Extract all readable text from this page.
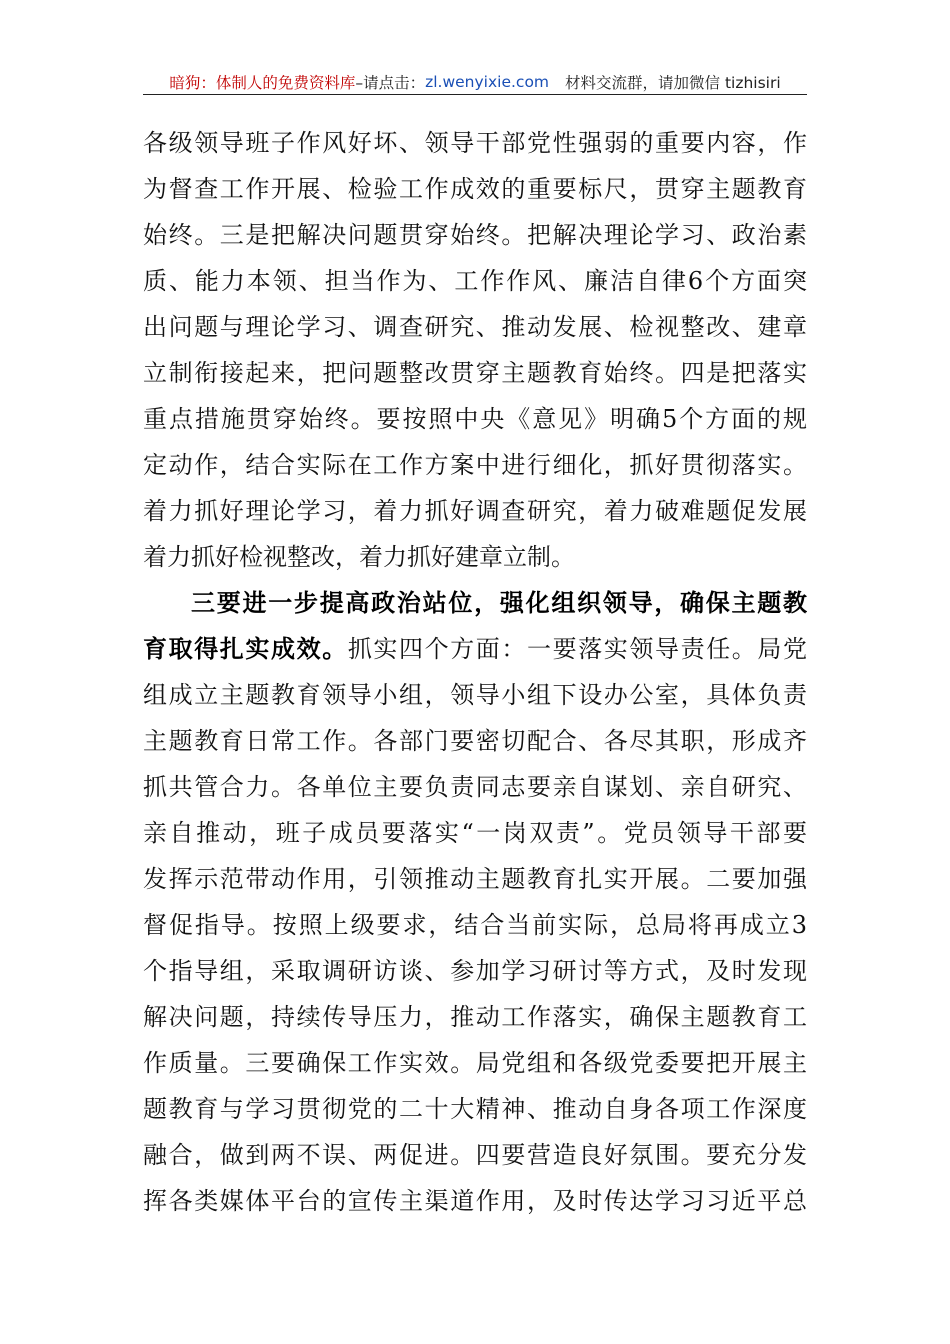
暗狗：体制人的免费资料库 –请点击： zl.wenyixie.com 材料交流群，请加微信 tizhisiri
各级领导班子作风好坏、领导干部党性强弱的重要内容，作
为督查工作开展、检验工作成效的重要标尺，贯穿主题教育
始终。三是把解决问题贯穿始终。把解决理论学习、政治素
质、能力本领、担当作为、工作作风、廉洁自律6个方面突
出问题与理论学习、调查研究、推动发展、检视整改、建章
立制衔接起来，把问题整改贯穿主题教育始终。四是把落实
重点措施贯穿始终。要按照中央《意见》明确5个方面的规
定动作，结合实际在工作方案中进行细化，抓好贯彻落实。
着力抓好理论学习，着力抓好调查研究，着力破难题促发展
着力抓好检视整改，着力抓好建章立制。
三要进一步提高政治站位，强化组织领导，确保主题教
育取得扎实成效。抓实四个方面：一要落实领导责任。局党
组成立主题教育领导小组，领导小组下设办公室，具体负责
主题教育日常工作。各部门要密切配合、各尽其职，形成齐
抓共管合力。各单位主要负责同志要亲自谋划、亲自研究、
亲自推动，班子成员要落实“一岗双责”。党员领导干部要
发挥示范带动作用，引领推动主题教育扎实开展。二要加强
督促指导。按照上级要求，结合当前实际，总局将再成立3
个指导组，采取调研访谈、参加学习研讨等方式，及时发现
解决问题，持续传导压力，推动工作落实，确保主题教育工
作质量。三要确保工作实效。局党组和各级党委要把开展主
题教育与学习贯彻党的二十大精神、推动自身各项工作深度
融合，做到两不误、两促进。四要营造良好氛围。要充分发
挥各类媒体平台的宣传主渠道作用，及时传达学习习近平总
